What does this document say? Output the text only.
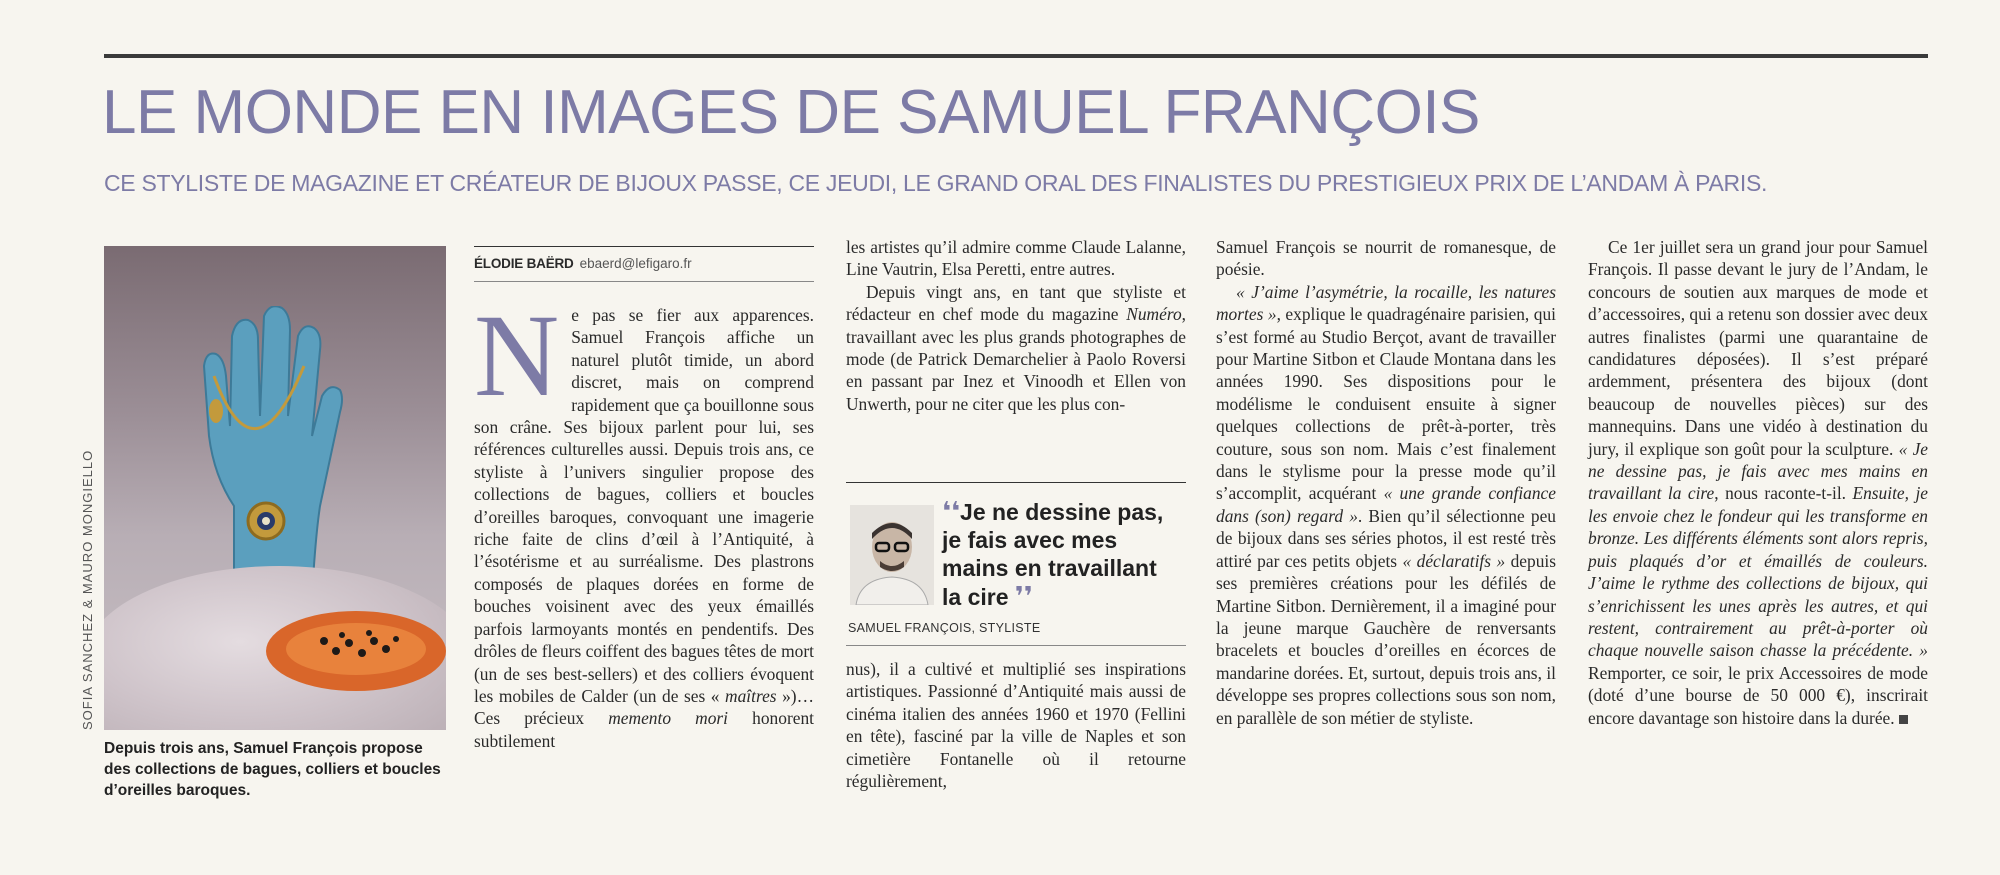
LE MONDE EN IMAGES DE SAMUEL FRANÇOIS
CE STYLISTE DE MAGAZINE ET CRÉATEUR DE BIJOUX PASSE, CE JEUDI, LE GRAND ORAL DES FINALISTES DU PRESTIGIEUX PRIX DE L’ANDAM À PARIS.

SOFIA SANCHEZ & MAURO MONGIELLO

Depuis trois ans, Samuel François propose des collections de bagues, colliers et boucles d’oreilles baroques.

ÉLODIE BAËRD ebaerd@lefigaro.fr

Ne pas se fier aux apparences. Samuel François affiche un naturel plutôt timide, un abord discret, mais on comprend rapidement que ça bouillonne sous son crâne. Ses bijoux parlent pour lui, ses références culturelles aussi. Depuis trois ans, ce styliste à l’univers singulier propose des collections de bagues, colliers et boucles d’oreilles baroques, convoquant une imagerie riche faite de clins d’œil à l’Antiquité, à l’ésotérisme et au surréalisme. Des plastrons composés de plaques dorées en forme de bouches voisinent avec des yeux émaillés parfois larmoyants montés en pendentifs. Des drôles de fleurs coiffent des bagues têtes de mort (un de ses best-sellers) et des colliers évoquent les mobiles de Calder (un de ses « maîtres »)… Ces précieux memento mori honorent subtilement

les artistes qu’il admire comme Claude Lalanne, Line Vautrin, Elsa Peretti, entre autres.

Depuis vingt ans, en tant que styliste et rédacteur en chef mode du magazine Numéro, travaillant avec les plus grands photographes de mode (de Patrick Demarchelier à Paolo Roversi en passant par Inez et Vinoodh et Ellen von Unwerth, pour ne citer que les plus con-

❛❛Je ne dessine pas, je fais avec mes mains en travaillant la cire ❜❜

SAMUEL FRANÇOIS, STYLISTE

nus), il a cultivé et multiplié ses inspirations artistiques. Passionné d’Antiquité mais aussi de cinéma italien des années 1960 et 1970 (Fellini en tête), fasciné par la ville de Naples et son cimetière Fontanelle où il retourne régulièrement,

Samuel François se nourrit de romanesque, de poésie.

« J’aime l’asymétrie, la rocaille, les natures mortes », explique le quadragénaire parisien, qui s’est formé au Studio Berçot, avant de travailler pour Martine Sitbon et Claude Montana dans les années 1990. Ses dispositions pour le modélisme le conduisent ensuite à signer quelques collections de prêt-à-porter, très couture, sous son nom. Mais c’est finalement dans le stylisme pour la presse mode qu’il s’accomplit, acquérant « une grande confiance dans (son) regard ». Bien qu’il sélectionne peu de bijoux dans ses séries photos, il est resté très attiré par ces petits objets « déclaratifs » depuis ses premières créations pour les défilés de Martine Sitbon. Dernièrement, il a imaginé pour la jeune marque Gauchère de renversants bracelets et boucles d’oreilles en écorces de mandarine dorées. Et, surtout, depuis trois ans, il développe ses propres collections sous son nom, en parallèle de son métier de styliste.

Ce 1er juillet sera un grand jour pour Samuel François. Il passe devant le jury de l’Andam, le concours de soutien aux marques de mode et d’accessoires, qui a retenu son dossier avec deux autres finalistes (parmi une quarantaine de candidatures déposées). Il s’est préparé ardemment, présentera des bijoux (dont beaucoup de nouvelles pièces) sur des mannequins. Dans une vidéo à destination du jury, il explique son goût pour la sculpture. « Je ne dessine pas, je fais avec mes mains en travaillant la cire, nous raconte-t-il. Ensuite, je les envoie chez le fondeur qui les transforme en bronze. Les différents éléments sont alors repris, puis plaqués d’or et émaillés de couleurs. J’aime le rythme des collections de bijoux, qui s’enrichissent les unes après les autres, et qui restent, contrairement au prêt-à-porter où chaque nouvelle saison chasse la précédente. » Remporter, ce soir, le prix Accessoires de mode (doté d’une bourse de 50 000 €), inscrirait encore davantage son histoire dans la durée.
